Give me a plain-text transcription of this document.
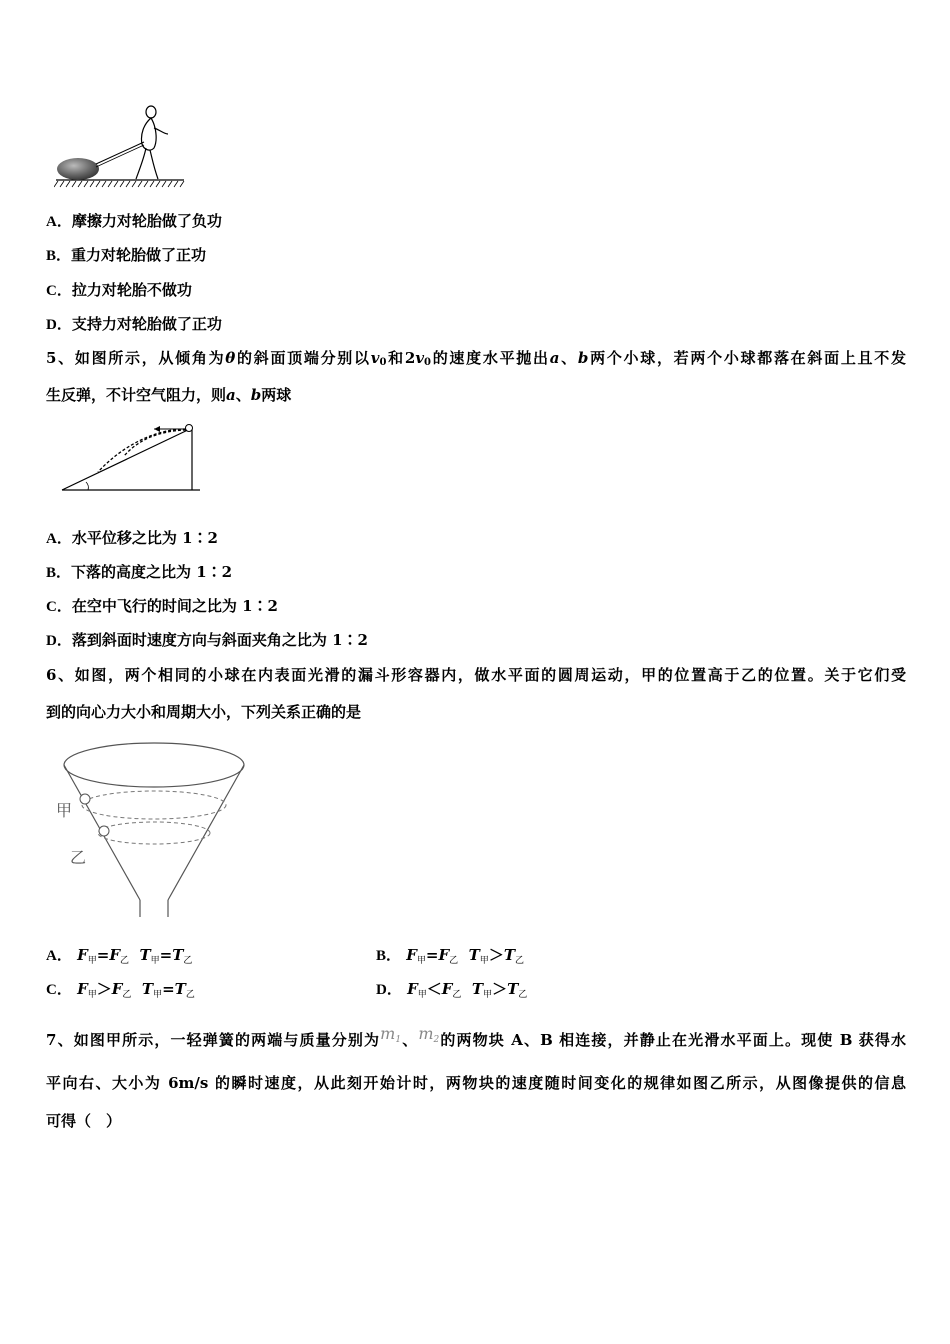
A．摩擦力对轮胎做了负功
B．重力对轮胎做了正功
C．拉力对轮胎不做功
D．支持力对轮胎做了正功
5、如图所示，从倾角为θ的斜面顶端分别以$v_0$和$2v_0$的速度水平抛出a、b两个小球，若两个小球都落在斜面上且不发
生反弹，不计空气阻力，则a、b两球
A．水平位移之比为 1∶2
B．下落的高度之比为 1∶2
C．在空中飞行的时间之比为 1∶2
D．落到斜面时速度方向与斜面夹角之比为 1∶2
6、如图，两个相同的小球在内表面光滑的漏斗形容器内，做水平面的圆周运动，甲的位置高于乙的位置。关于它们受
到的向心力大小和周期大小，下列关系正确的是
甲
乙
A． $F_甲=F_乙$ $T_甲=T_乙$	B． $F_甲=F_乙$ $T_甲>T_乙$
C． $F_甲>F_乙$ $T_甲=T_乙$	D． $F_甲<F_乙$ $T_甲>T_乙$
7、如图甲所示，一轻弹簧的两端与质量分别为m1、m2的两物块 A、B 相连接，并静止在光滑水平面上。现使 B 获得水
平向右、大小为 6m/s 的瞬时速度，从此刻开始计时，两物块的速度随时间变化的规律如图乙所示，从图像提供的信息
可得（　）
